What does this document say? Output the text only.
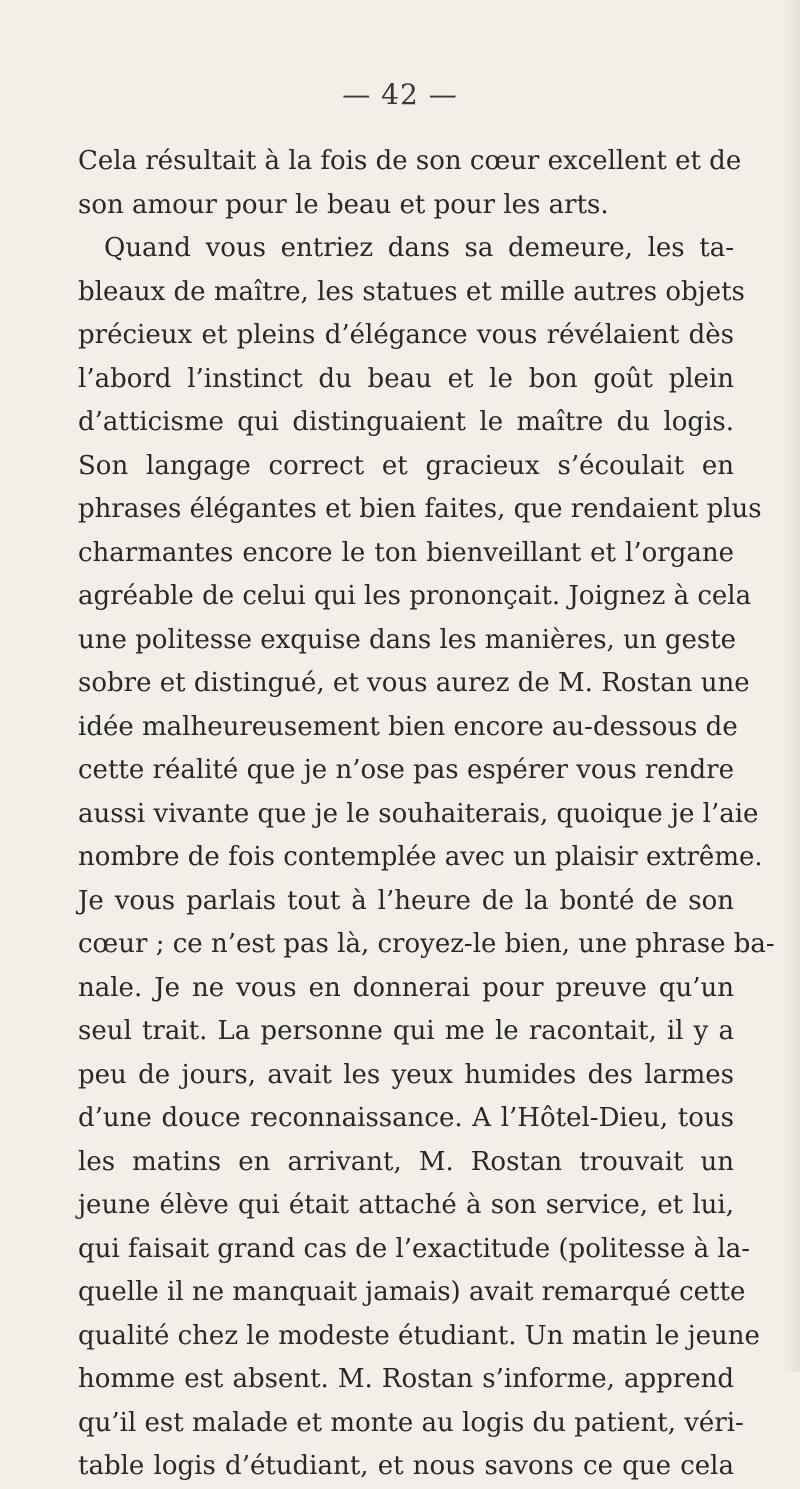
— 42 —
Cela résultait à la fois de son cœur excellent et de
son amour pour le beau et pour les arts.
Quand vous entriez dans sa demeure, les ta-
bleaux de maître, les statues et mille autres objets
précieux et pleins d’élégance vous révélaient dès
l’abord l’instinct du beau et le bon goût plein
d’atticisme qui distinguaient le maître du logis.
Son langage correct et gracieux s’écoulait en
phrases élégantes et bien faites, que rendaient plus
charmantes encore le ton bienveillant et l’organe
agréable de celui qui les prononçait. Joignez à cela
une politesse exquise dans les manières, un geste
sobre et distingué, et vous aurez de M. Rostan une
idée malheureusement bien encore au-dessous de
cette réalité que je n’ose pas espérer vous rendre
aussi vivante que je le souhaiterais, quoique je l’aie
nombre de fois contemplée avec un plaisir extrême.
Je vous parlais tout à l’heure de la bonté de son
cœur ; ce n’est pas là, croyez-le bien, une phrase ba-
nale. Je ne vous en donnerai pour preuve qu’un
seul trait. La personne qui me le racontait, il y a
peu de jours, avait les yeux humides des larmes
d’une douce reconnaissance. A l’Hôtel-Dieu, tous
les matins en arrivant, M. Rostan trouvait un
jeune élève qui était attaché à son service, et lui,
qui faisait grand cas de l’exactitude (politesse à la-
quelle il ne manquait jamais) avait remarqué cette
qualité chez le modeste étudiant. Un matin le jeune
homme est absent. M. Rostan s’informe, apprend
qu’il est malade et monte au logis du patient, véri-
table logis d’étudiant, et nous savons ce que cela
